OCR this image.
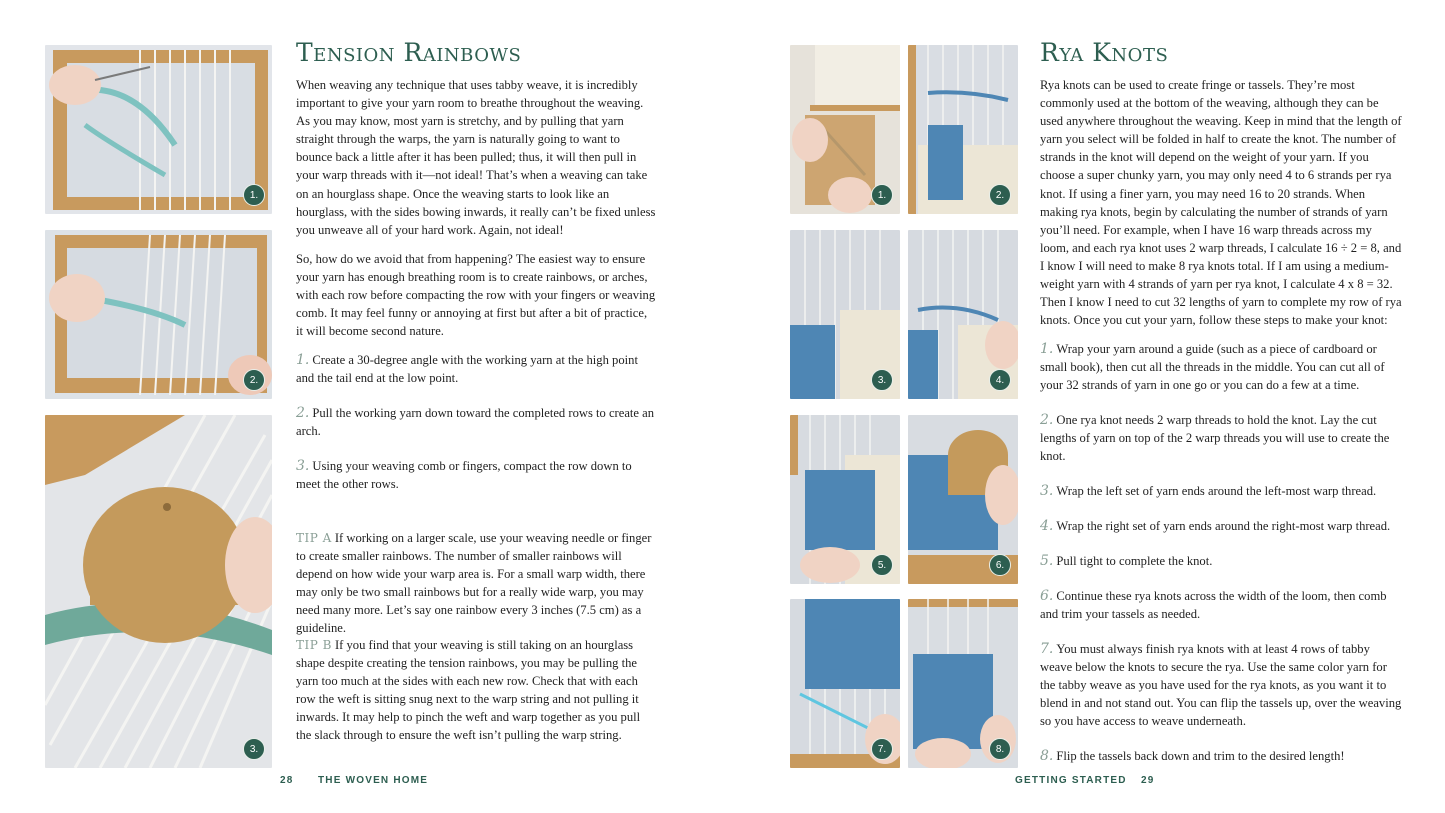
1.
2.
3.
Tension Rainbows

When weaving any technique that uses tabby weave, it is incredibly important to give your yarn room to breathe throughout the weaving. As you may know, most yarn is stretchy, and by pulling that yarn straight through the warps, the yarn is naturally going to want to bounce back a little after it has been pulled; thus, it will then pull in your warp threads with it—not ideal! That’s when a weaving can take on an hourglass shape. Once the weaving starts to look like an hourglass, with the sides bowing inwards, it really can’t be fixed unless you unweave all of your hard work. Again, not ideal!

So, how do we avoid that from happening? The easiest way to ensure your yarn has enough breathing room is to create rainbows, or arches, with each row before compacting the row with your fingers or weaving comb. It may feel funny or annoying at first but after a bit of practice, it will become second nature.

1. Create a 30-degree angle with the working yarn at the high point and the tail end at the low point.
2. Pull the working yarn down toward the completed rows to create an arch.
3. Using your weaving comb or fingers, compact the row down to meet the other rows.
TIP A If working on a larger scale, use your weaving needle or finger to create smaller rainbows. The number of smaller rainbows will depend on how wide your warp area is. For a small warp width, there may only be two small rainbows but for a really wide warp, you may need many more. Let’s say one rainbow every 3 inches (7.5 cm) as a guideline.
TIP B If you find that your weaving is still taking on an hourglass shape despite creating the tension rainbows, you may be pulling the yarn too much at the sides with each new row. Check that with each row the weft is sitting snug next to the warp string and not pulling it inwards. It may help to pinch the weft and warp together as you pull the slack through to ensure the weft isn’t pulling the warp string.
28 THE WOVEN HOME
1.	2.
3.	4.
5.	6.
7.	8.
Rya Knots
Rya knots can be used to create fringe or tassels. They’re most commonly used at the bottom of the weaving, although they can be used anywhere throughout the weaving. Keep in mind that the length of yarn you select will be folded in half to create the knot. The number of strands in the knot will depend on the weight of your yarn. If you choose a super chunky yarn, you may only need 4 to 6 strands per rya knot. If using a finer yarn, you may need 16 to 20 strands. When making rya knots, begin by calculating the number of strands of yarn you’ll need. For example, when I have 16 warp threads across my loom, and each rya knot uses 2 warp threads, I calculate 16 ÷ 2 = 8, and I know I will need to make 8 rya knots total. If I am using a medium-weight yarn with 4 strands of yarn per rya knot, I calculate 4 x 8 = 32. Then I know I need to cut 32 lengths of yarn to complete my row of rya knots. Once you cut your yarn, follow these steps to make your knot:
1. Wrap your yarn around a guide (such as a piece of cardboard or small book), then cut all the threads in the middle. You can cut all of your 32 strands of yarn in one go or you can do a few at a time.
2. One rya knot needs 2 warp threads to hold the knot. Lay the cut lengths of yarn on top of the 2 warp threads you will use to create the knot.
3. Wrap the left set of yarn ends around the left-most warp thread.
4. Wrap the right set of yarn ends around the right-most warp thread.
5. Pull tight to complete the knot.
6. Continue these rya knots across the width of the loom, then comb and trim your tassels as needed.
7. You must always finish rya knots with at least 4 rows of tabby weave below the knots to secure the rya. Use the same color yarn for the tabby weave as you have used for the rya knots, as you want it to blend in and not stand out. You can flip the tassels up, over the weaving so you have access to weave underneath.
8. Flip the tassels back down and trim to the desired length!
GETTING STARTED 29
